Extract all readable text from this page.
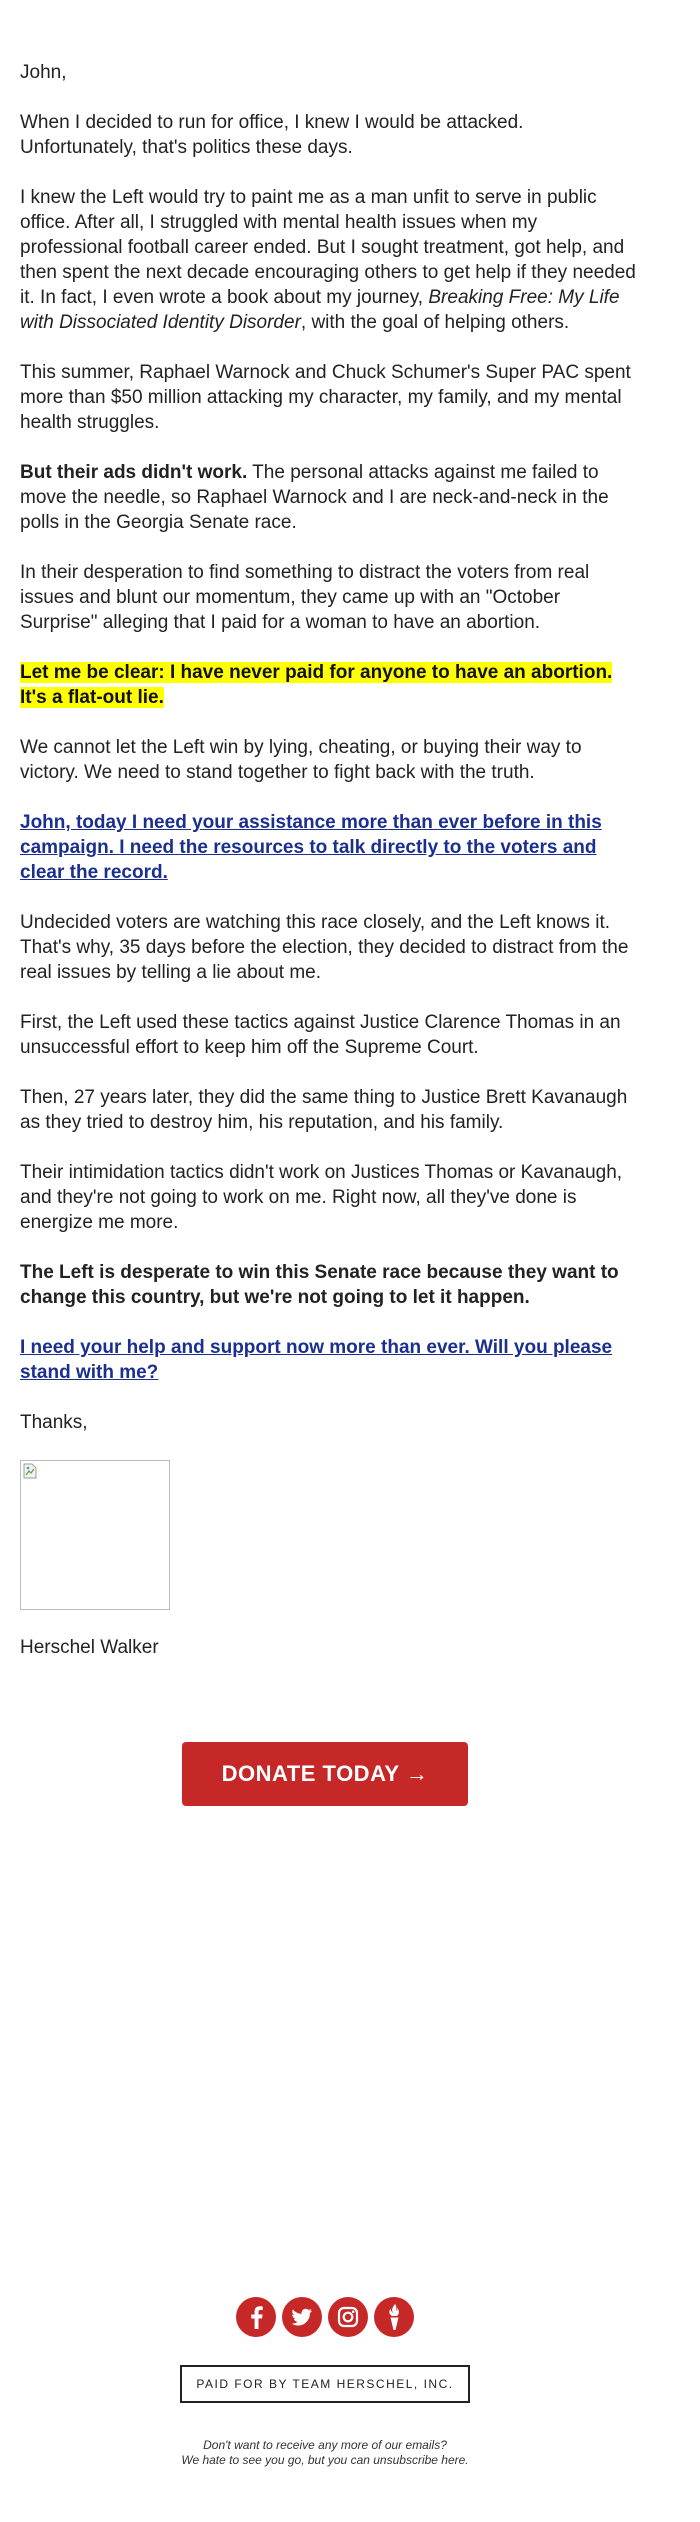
John,

When I decided to run for office, I knew I would be attacked. Unfortunately, that's politics these days.

I knew the Left would try to paint me as a man unfit to serve in public office. After all, I struggled with mental health issues when my professional football career ended. But I sought treatment, got help, and then spent the next decade encouraging others to get help if they needed it. In fact, I even wrote a book about my journey, Breaking Free: My Life with Dissociated Identity Disorder, with the goal of helping others.

This summer, Raphael Warnock and Chuck Schumer's Super PAC spent more than $50 million attacking my character, my family, and my mental health struggles.

But their ads didn't work. The personal attacks against me failed to move the needle, so Raphael Warnock and I are neck-and-neck in the polls in the Georgia Senate race.

In their desperation to find something to distract the voters from real issues and blunt our momentum, they came up with an "October Surprise" alleging that I paid for a woman to have an abortion.

Let me be clear: I have never paid for anyone to have an abortion. It's a flat-out lie.

We cannot let the Left win by lying, cheating, or buying their way to victory. We need to stand together to fight back with the truth.

John, today I need your assistance more than ever before in this campaign. I need the resources to talk directly to the voters and clear the record.

Undecided voters are watching this race closely, and the Left knows it. That's why, 35 days before the election, they decided to distract from the real issues by telling a lie about me.

First, the Left used these tactics against Justice Clarence Thomas in an unsuccessful effort to keep him off the Supreme Court.

Then, 27 years later, they did the same thing to Justice Brett Kavanaugh as they tried to destroy him, his reputation, and his family.

Their intimidation tactics didn't work on Justices Thomas or Kavanaugh, and they're not going to work on me. Right now, all they've done is energize me more.

The Left is desperate to win this Senate race because they want to change this country, but we're not going to let it happen.

I need your help and support now more than ever. Will you please stand with me?

Thanks,

Herschel Walker

DONATE TODAY →
PAID FOR BY TEAM HERSCHEL, INC.
Don't want to receive any more of our emails?
We hate to see you go, but you can unsubscribe here.
